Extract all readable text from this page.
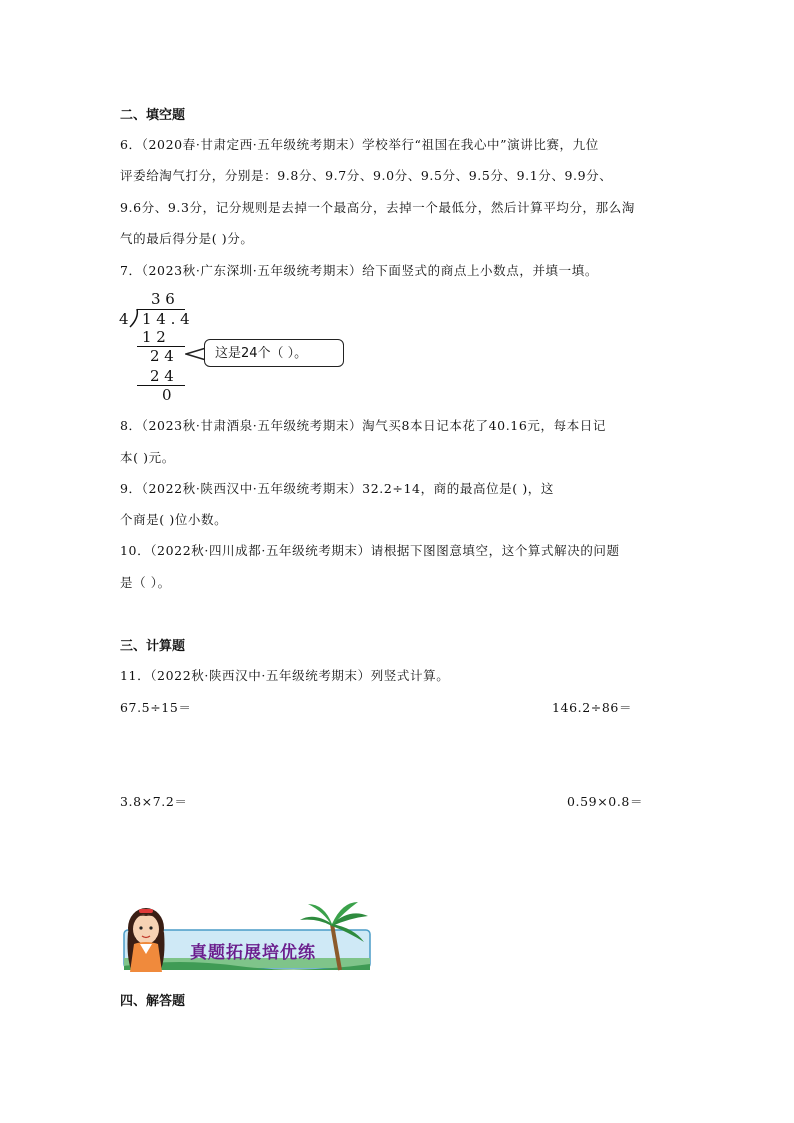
二、填空题
6．（2020春·甘肃定西·五年级统考期末）学校举行“祖国在我心中”演讲比赛，九位
评委给淘气打分，分别是：9.8分、9.7分、9.0分、9.5分、9.5分、9.1分、9.9分、
9.6分、9.3分，记分规则是去掉一个最高分，去掉一个最低分，然后计算平均分，那么淘
气的最后得分是( )分。
7．（2023秋·广东深圳·五年级统考期末）给下面竖式的商点上小数点，并填一填。
3 6
4 1 4 . 4
1 2
2 4
2 4
0
这是24个（ ）。
8．（2023秋·甘肃酒泉·五年级统考期末）淘气买8本日记本花了40.16元，每本日记
本( )元。
9．（2022秋·陕西汉中·五年级统考期末）32.2÷14，商的最高位是( )，这
个商是( )位小数。
10．（2022秋·四川成都·五年级统考期末）请根据下图图意填空，这个算式解决的问题
是（ ）。
三、计算题
11．（2022秋·陕西汉中·五年级统考期末）列竖式计算。
67.5÷15＝	146.2÷86＝
3.8×7.2＝	0.59×0.8＝
真题拓展培优练
四、解答题
